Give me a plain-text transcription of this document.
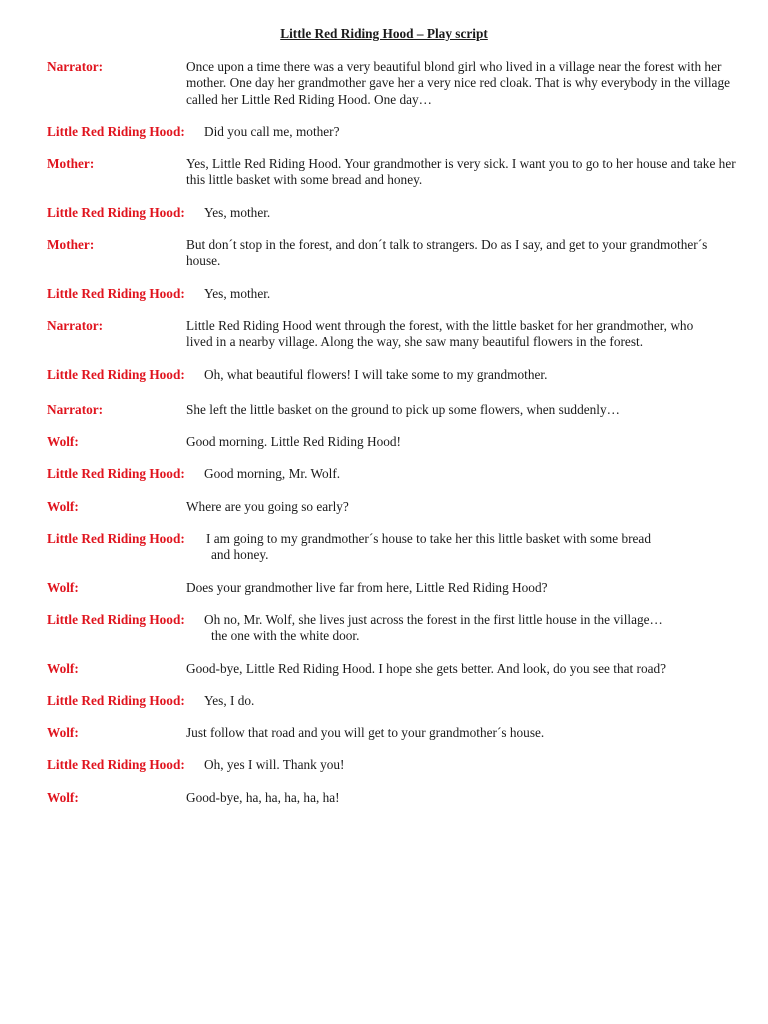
Little Red Riding Hood – Play script
Narrator:	Once upon a time there was a very beautiful blond girl who lived in a village near the forest with her mother. One day her grandmother gave her a very nice red cloak. That is why everybody in the village called her Little Red Riding Hood. One day…
Little Red Riding Hood: Did you call me, mother?
Mother:	Yes, Little Red Riding Hood. Your grandmother is very sick. I want you to go to her house and take her this little basket with some bread and honey.
Little Red Riding Hood: Yes, mother.
Mother:	But don´t stop in the forest, and don´t talk to strangers. Do as I say, and get to your grandmother´s house.
Little Red Riding Hood: Yes, mother.
Narrator:	Little Red Riding Hood went through the forest, with the little basket for her grandmother, who lived in a nearby village. Along the way, she saw many beautiful flowers in the forest.
Little Red Riding Hood: Oh, what beautiful flowers! I will take some to my grandmother.
Narrator:	She left the little basket on the ground to pick up some flowers, when suddenly…
Wolf:	Good morning. Little Red Riding Hood!
Little Red Riding Hood: Good morning, Mr. Wolf.
Wolf:	Where are you going so early?
Little Red Riding Hood: I am going to my grandmother´s house to take her this little basket with some bread
and honey.
Wolf:	Does your grandmother live far from here, Little Red Riding Hood?
Little Red Riding Hood: Oh no, Mr. Wolf, she lives just across the forest in the first little house in the village…
the one with the white door.
Wolf:	Good-bye, Little Red Riding Hood. I hope she gets better. And look, do you see that road?
Little Red Riding Hood: Yes, I do.
Wolf:	Just follow that road and you will get to your grandmother´s house.
Little Red Riding Hood: Oh, yes I will. Thank you!
Wolf:	Good-bye, ha, ha, ha, ha, ha!
